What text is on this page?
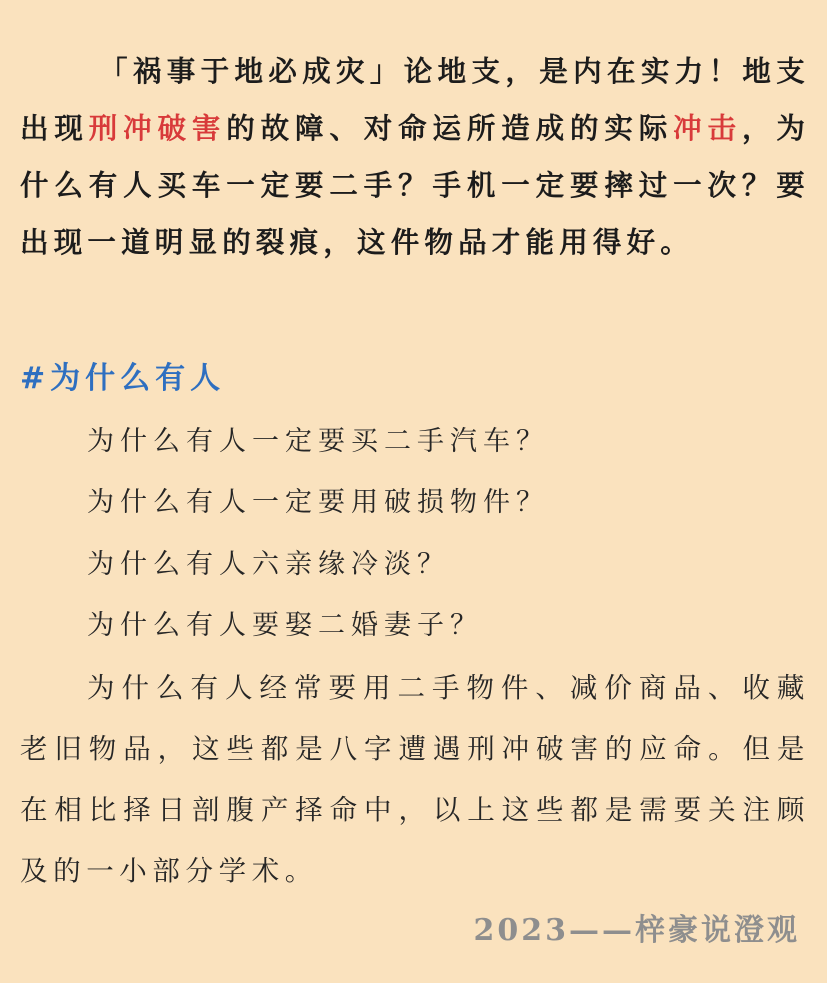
「祸事于地必成灾」论地支，是内在实力！地支出现刑冲破害的故障、对命运所造成的实际冲击，为什么有人买车一定要二手？手机一定要摔过一次？要出现一道明显的裂痕，这件物品才能用得好。

#为什么有人

为什么有人一定要买二手汽车？

为什么有人一定要用破损物件？

为什么有人六亲缘冷淡？

为什么有人要娶二婚妻子？

为什么有人经常要用二手物件、减价商品、收藏老旧物品，这些都是八字遭遇刑冲破害的应命。但是在相比择日剖腹产择命中，以上这些都是需要关注顾及的一小部分学术。

2023——梓豪说澄观
